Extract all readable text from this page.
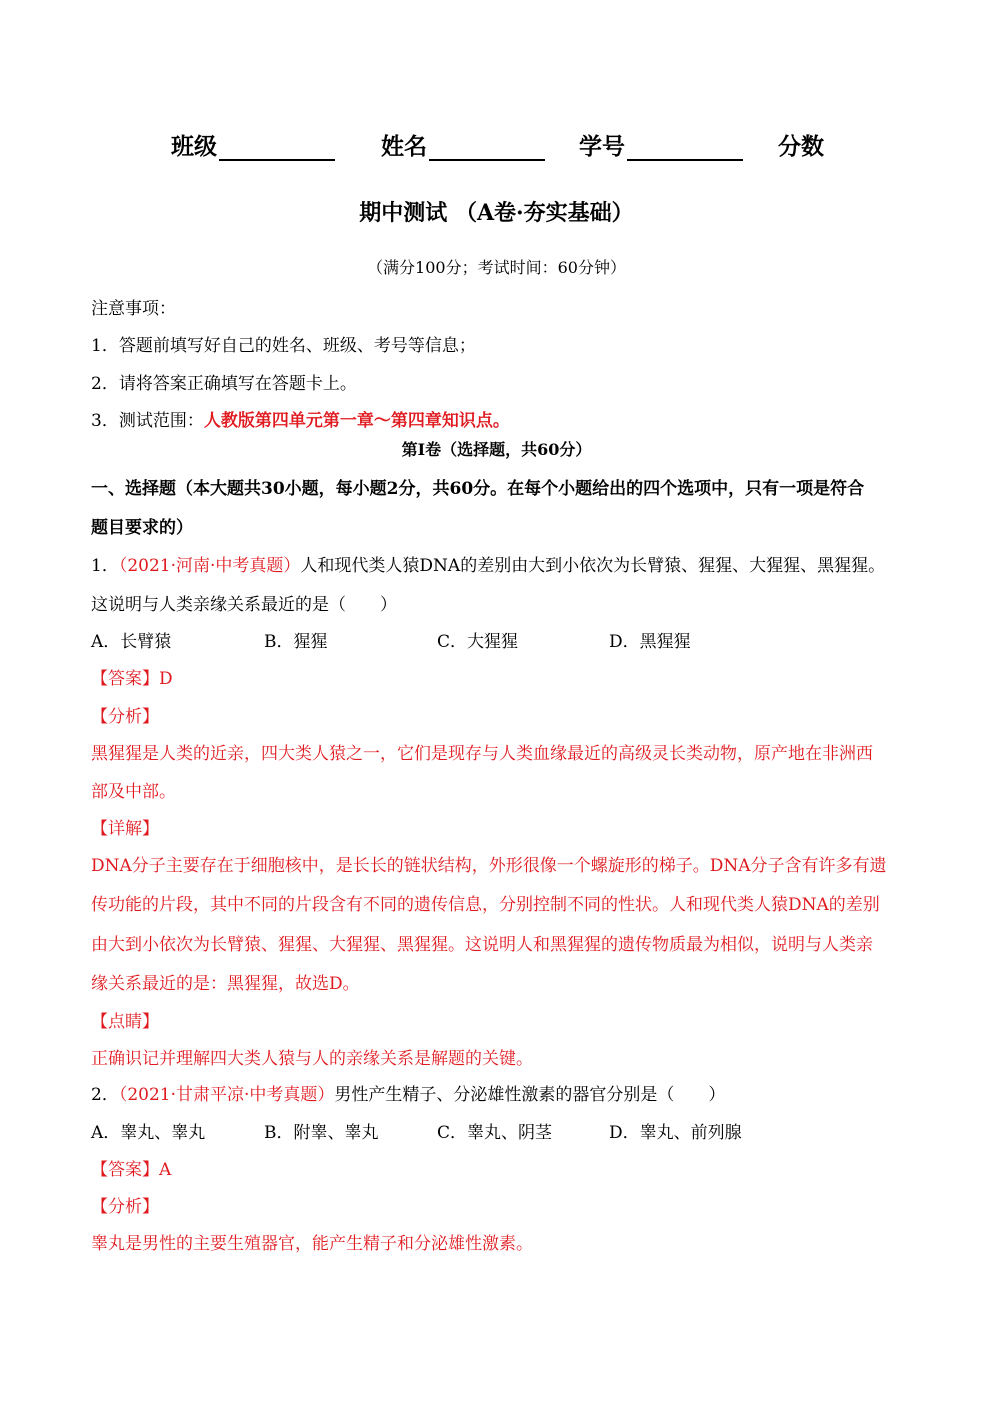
班级	姓名	学号	分数
期中测试 （A卷·夯实基础）
（满分100分；考试时间：60分钟）
注意事项：
1．答题前填写好自己的姓名、班级、考号等信息；
2．请将答案正确填写在答题卡上。
3．测试范围：人教版第四单元第一章～第四章知识点。
第Ⅰ卷（选择题，共60分）
一、选择题（本大题共30小题，每小题2分，共60分。在每个小题给出的四个选项中，只有一项是符合
题目要求的）
1．（2021·河南·中考真题）人和现代类人猿DNA的差别由大到小依次为长臂猿、猩猩、大猩猩、黑猩猩。
这说明与人类亲缘关系最近的是（　　）
A．长臂猿	B．猩猩	C．大猩猩	D．黑猩猩
【答案】D
【分析】
黑猩猩是人类的近亲，四大类人猿之一，它们是现存与人类血缘最近的高级灵长类动物，原产地在非洲西
部及中部。
【详解】
DNA分子主要存在于细胞核中，是长长的链状结构，外形很像一个螺旋形的梯子。DNA分子含有许多有遗
传功能的片段，其中不同的片段含有不同的遗传信息，分别控制不同的性状。人和现代类人猿DNA的差别
由大到小依次为长臂猿、猩猩、大猩猩、黑猩猩。这说明人和黑猩猩的遗传物质最为相似，说明与人类亲
缘关系最近的是：黑猩猩，故选D。
【点睛】
正确识记并理解四大类人猿与人的亲缘关系是解题的关键。
2．（2021·甘肃平凉·中考真题）男性产生精子、分泌雄性激素的器官分别是（　　）
A．睾丸、睾丸	B．附睾、睾丸	C．睾丸、阴茎	D．睾丸、前列腺
【答案】A
【分析】
睾丸是男性的主要生殖器官，能产生精子和分泌雄性激素。
